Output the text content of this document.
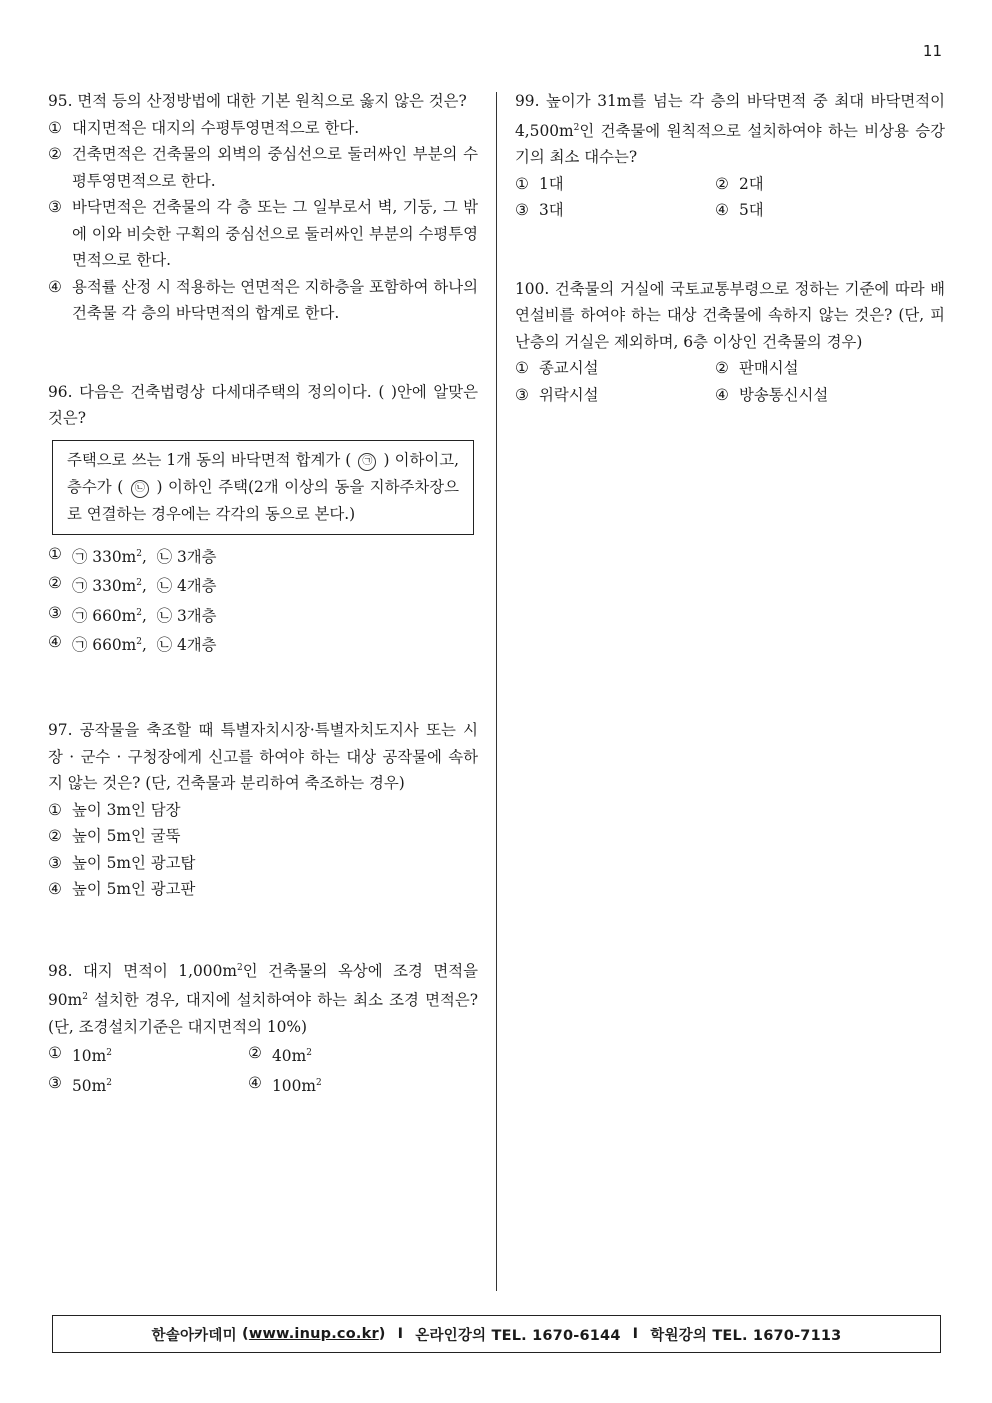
11
95. 면적 등의 산정방법에 대한 기본 원칙으로 옳지 않은 것은?
① 대지면적은 대지의 수평투영면적으로 한다.
② 건축면적은 건축물의 외벽의 중심선으로 둘러싸인 부분의 수평투영면적으로 한다.
③ 바닥면적은 건축물의 각 층 또는 그 일부로서 벽, 기둥, 그 밖에 이와 비슷한 구획의 중심선으로 둘러싸인 부분의 수평투영면적으로 한다.
④ 용적률 산정 시 적용하는 연면적은 지하층을 포함하여 하나의 건축물 각 층의 바닥면적의 합계로 한다.
96. 다음은 건축법령상 다세대주택의 정의이다. ( )안에 알맞은 것은?
주택으로 쓰는 1개 동의 바닥면적 합계가 ( ㉠ ) 이하이고, 층수가 ( ㉡ ) 이하인 주택(2개 이상의 동을 지하주차장으로 연결하는 경우에는 각각의 동으로 본다.)
① ㉠ $330m^2$,  ㉡ 3개층
② ㉠ $330m^2$,  ㉡ 4개층
③ ㉠ $660m^2$,  ㉡ 3개층
④ ㉠ $660m^2$,  ㉡ 4개층
97. 공작물을 축조할 때 특별자치시장·특별자치도지사 또는 시장 · 군수 · 구청장에게 신고를 하여야 하는 대상 공작물에 속하지 않는 것은? (단, 건축물과 분리하여 축조하는 경우)
① 높이 3m인 담장
② 높이 5m인 굴뚝
③ 높이 5m인 광고탑
④ 높이 5m인 광고판
98. 대지 면적이 $1,000m^2$인 건축물의 옥상에 조경 면적을 $90m^2$ 설치한 경우, 대지에 설치하여야 하는 최소 조경 면적은? (단, 조경설치기준은 대지면적의 10%)
① $10m^2$	② $40m^2$
③ $50m^2$	④ $100m^2$
99. 높이가 31m를 넘는 각 층의 바닥면적 중 최대 바닥면적이 $4,500m^2$인 건축물에 원칙적으로 설치하여야 하는 비상용 승강기의 최소 대수는?
① 1대	② 2대
③ 3대	④ 5대
100. 건축물의 거실에 국토교통부령으로 정하는 기준에 따라 배연설비를 하여야 하는 대상 건축물에 속하지 않는 것은? (단, 피난층의 거실은 제외하며, 6층 이상인 건축물의 경우)
① 종교시설	② 판매시설
③ 위락시설	④ 방송통신시설
한솔아카데미 ( www.inup.co.kr ) I 온라인강의 TEL. 1670-6144 I 학원강의 TEL. 1670-7113
